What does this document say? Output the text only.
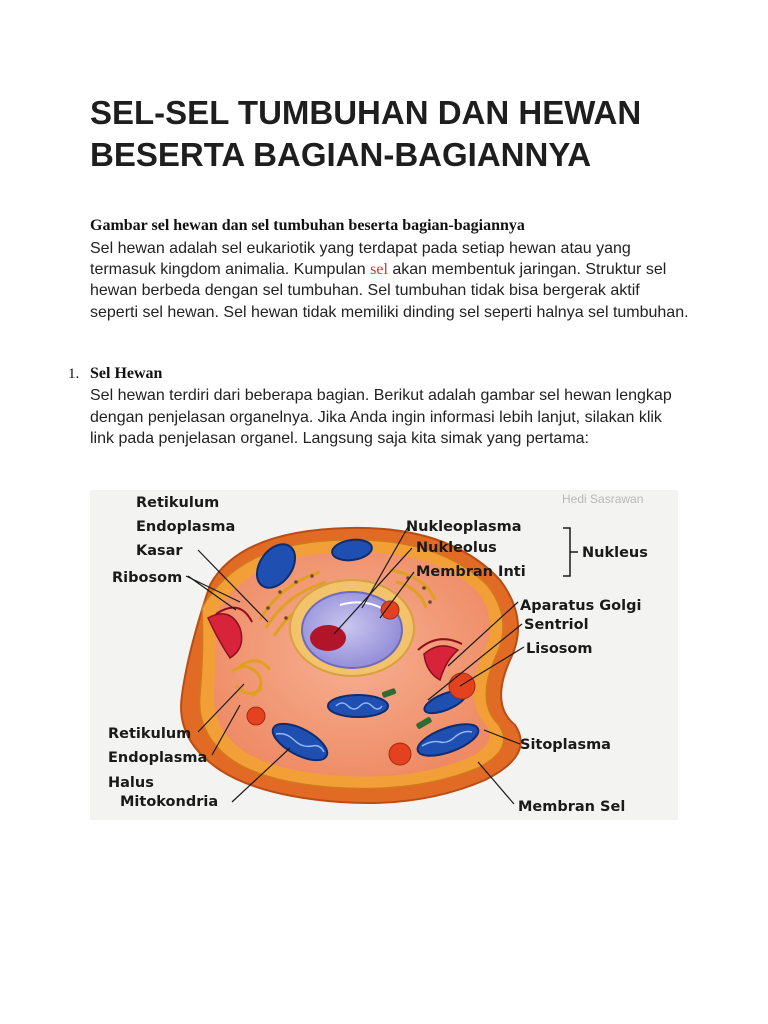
SEL-SEL TUMBUHAN DAN HEWAN BESERTA BAGIAN-BAGIANNYA
Gambar sel hewan dan sel tumbuhan beserta bagian-bagiannya

Sel hewan adalah sel eukariotik yang terdapat pada setiap hewan atau yang termasuk kingdom animalia. Kumpulan sel akan membentuk jaringan. Struktur sel hewan berbeda dengan sel tumbuhan. Sel tumbuhan tidak bisa bergerak aktif seperti sel hewan. Sel hewan tidak memiliki dinding sel seperti halnya sel tumbuhan.

1. Sel Hewan

Sel hewan terdiri dari beberapa bagian. Berikut adalah gambar sel hewan lengkap dengan penjelasan organelnya. Jika Anda ingin informasi lebih lanjut, silakan klik link pada penjelasan organel. Langsung saja kita simak yang pertama:

Retikulum
Endoplasma
Kasar
Ribosom
Nukleoplasma
Nukleolus
Membran Inti
Nukleus
Aparatus Golgi
Sentriol
Lisosom
Retikulum
Endoplasma
Halus
Mitokondria
Sitoplasma
Membran Sel
Hedi Sasrawan
